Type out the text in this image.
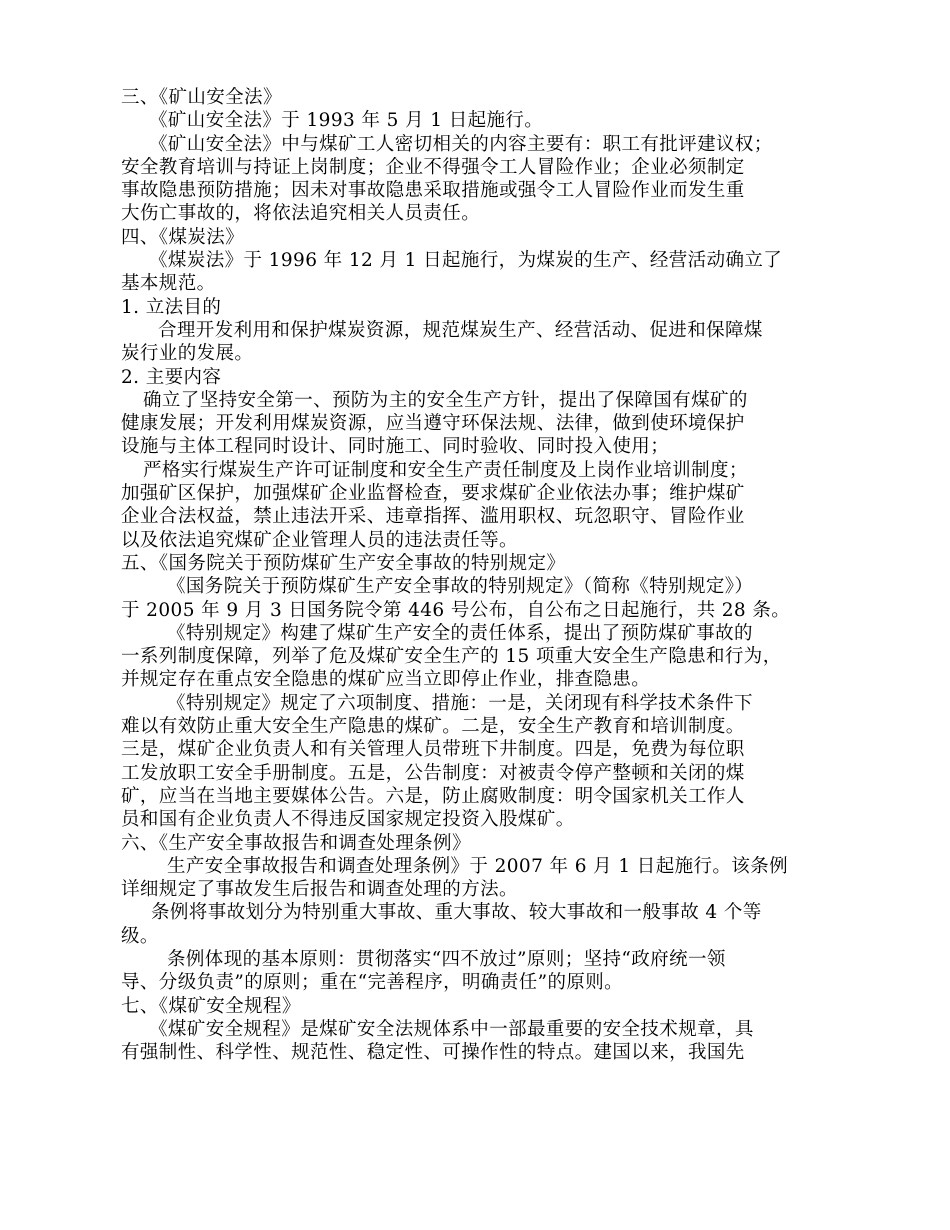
三、《矿山安全法》
《矿山安全法》于 1993 年 5 月 1 日起施行。
《矿山安全法》中与煤矿工人密切相关的内容主要有：职工有批评建议权；
安全教育培训与持证上岗制度；企业不得强令工人冒险作业；企业必须制定
事故隐患预防措施；因未对事故隐患采取措施或强令工人冒险作业而发生重
大伤亡事故的，将依法追究相关人员责任。
四、《煤炭法》
《煤炭法》于 1996 年 12 月 1 日起施行，为煤炭的生产、经营活动确立了
基本规范。
1. 立法目的
合理开发利用和保护煤炭资源，规范煤炭生产、经营活动、促进和保障煤
炭行业的发展。
2. 主要内容
确立了坚持安全第一、预防为主的安全生产方针，提出了保障国有煤矿的
健康发展；开发利用煤炭资源，应当遵守环保法规、法律，做到使环境保护
设施与主体工程同时设计、同时施工、同时验收、同时投入使用；
严格实行煤炭生产许可证制度和安全生产责任制度及上岗作业培训制度；
加强矿区保护，加强煤矿企业监督检查，要求煤矿企业依法办事；维护煤矿
企业合法权益，禁止违法开采、违章指挥、滥用职权、玩忽职守、冒险作业
以及依法追究煤矿企业管理人员的违法责任等。
五、《国务院关于预防煤矿生产安全事故的特别规定》
《国务院关于预防煤矿生产安全事故的特别规定》（简称《特别规定》）
于 2005 年 9 月 3 日国务院令第 446 号公布，自公布之日起施行，共 28 条。
《特别规定》构建了煤矿生产安全的责任体系，提出了预防煤矿事故的
一系列制度保障，列举了危及煤矿安全生产的 15 项重大安全生产隐患和行为，
并规定存在重点安全隐患的煤矿应当立即停止作业，排查隐患。
《特别规定》规定了六项制度、措施：一是，关闭现有科学技术条件下
难以有效防止重大安全生产隐患的煤矿。二是，安全生产教育和培训制度。
三是，煤矿企业负责人和有关管理人员带班下井制度。四是，免费为每位职
工发放职工安全手册制度。五是，公告制度：对被责令停产整顿和关闭的煤
矿，应当在当地主要媒体公告。六是，防止腐败制度：明令国家机关工作人
员和国有企业负责人不得违反国家规定投资入股煤矿。
六、《生产安全事故报告和调查处理条例》
生产安全事故报告和调查处理条例》于 2007 年 6 月 1 日起施行。该条例
详细规定了事故发生后报告和调查处理的方法。
条例将事故划分为特别重大事故、重大事故、较大事故和一般事故 4 个等
级。
条例体现的基本原则：贯彻落实“四不放过”原则；坚持“政府统一领
导、分级负责”的原则；重在“完善程序，明确责任”的原则。
七、《煤矿安全规程》
《煤矿安全规程》是煤矿安全法规体系中一部最重要的安全技术规章，具
有强制性、科学性、规范性、稳定性、可操作性的特点。建国以来，我国先
